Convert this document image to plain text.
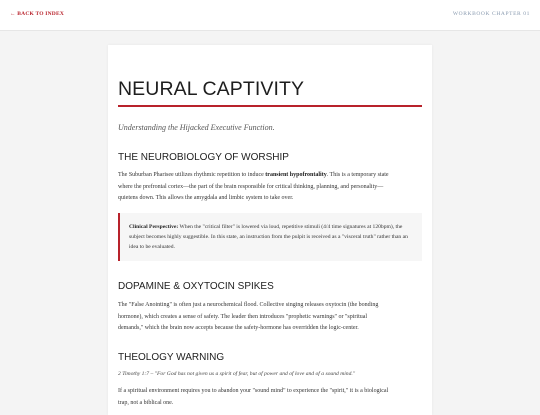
← BACK TO INDEX	WORKBOOK CHAPTER 01
NEURAL CAPTIVITY

Understanding the Hijacked Executive Function.

THE NEUROBIOLOGY OF WORSHIP

The Suburban Pharisee utilizes rhythmic repetition to induce transient hypofrontality. This is a temporary state where the prefrontal cortex—the part of the brain responsible for critical thinking, planning, and personality—quietens down. This allows the amygdala and limbic system to take over.

Clinical Perspective: When the "critical filter" is lowered via loud, repetitive stimuli (4/4 time signatures at 120bpm), the subject becomes highly suggestible. In this state, an instruction from the pulpit is received as a "visceral truth" rather than an idea to be evaluated.

DOPAMINE & OXYTOCIN SPIKES

The "False Anointing" is often just a neurochemical flood. Collective singing releases oxytocin (the bonding hormone), which creates a sense of safety. The leader then introduces "prophetic warnings" or "spiritual demands," which the brain now accepts because the safety-hormone has overridden the logic-center.

THEOLOGY WARNING

2 Timothy 1:7 – "For God has not given us a spirit of fear, but of power and of love and of a sound mind."

If a spiritual environment requires you to abandon your "sound mind" to experience the "spirit," it is a biological trap, not a biblical one.
